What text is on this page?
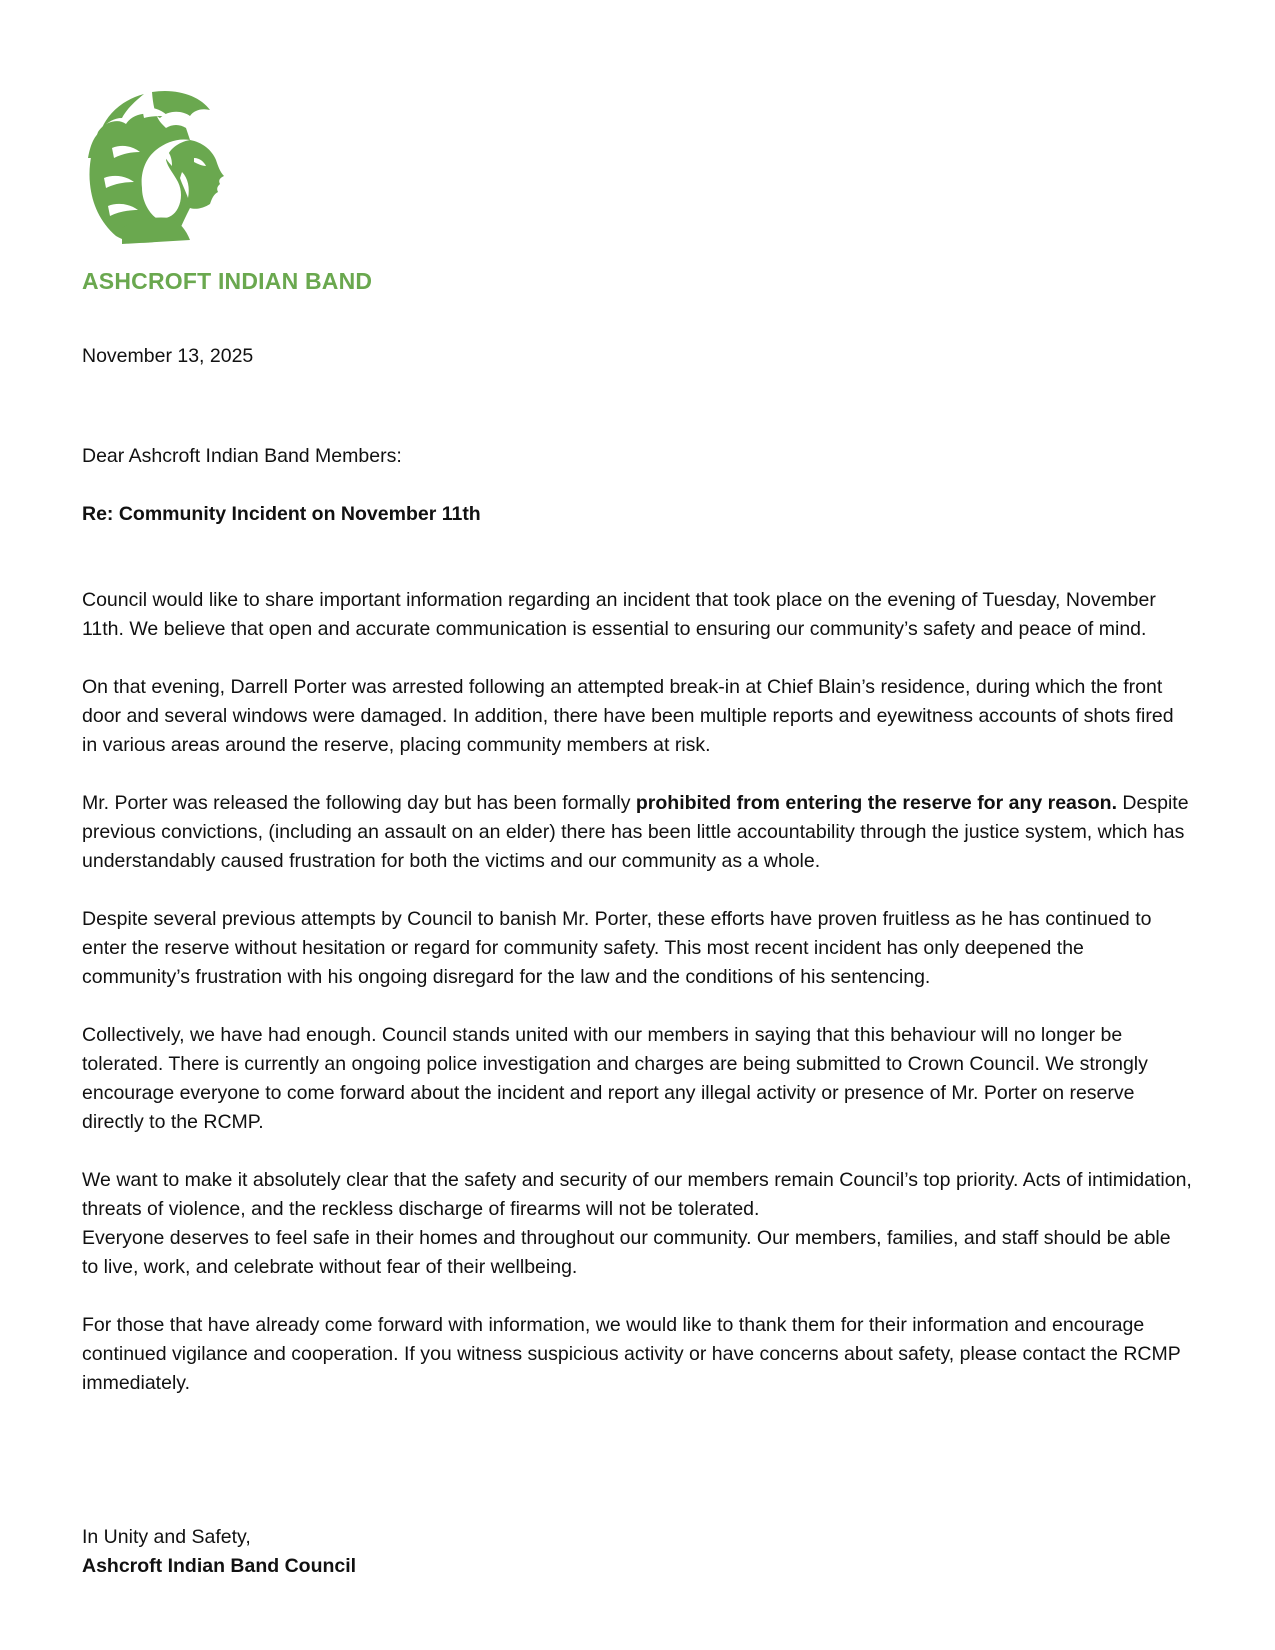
ASHCROFT INDIAN BAND
November 13, 2025
Dear Ashcroft Indian Band Members:
Re: Community Incident on November 11th

Council would like to share important information regarding an incident that took place on the evening of Tuesday, November 11th. We believe that open and accurate communication is essential to ensuring our community’s safety and peace of mind.

On that evening, Darrell Porter was arrested following an attempted break-in at Chief Blain’s residence, during which the front door and several windows were damaged. In addition, there have been multiple reports and eyewitness accounts of shots fired in various areas around the reserve, placing community members at risk.

Mr. Porter was released the following day but has been formally prohibited from entering the reserve for any reason. Despite previous convictions, (including an assault on an elder) there has been little accountability through the justice system, which has understandably caused frustration for both the victims and our community as a whole.

Despite several previous attempts by Council to banish Mr. Porter, these efforts have proven fruitless as he has continued to enter the reserve without hesitation or regard for community safety. This most recent incident has only deepened the community’s frustration with his ongoing disregard for the law and the conditions of his sentencing.

Collectively, we have had enough. Council stands united with our members in saying that this behaviour will no longer be tolerated. There is currently an ongoing police investigation and charges are being submitted to Crown Council. We strongly encourage everyone to come forward about the incident and report any illegal activity or presence of Mr. Porter on reserve directly to the RCMP.

We want to make it absolutely clear that the safety and security of our members remain Council’s top priority. Acts of intimidation, threats of violence, and the reckless discharge of firearms will not be tolerated.
Everyone deserves to feel safe in their homes and throughout our community. Our members, families, and staff should be able to live, work, and celebrate without fear of their wellbeing.

For those that have already come forward with information, we would like to thank them for their information and encourage continued vigilance and cooperation. If you witness suspicious activity or have concerns about safety, please contact the RCMP immediately.

In Unity and Safety,
Ashcroft Indian Band Council
